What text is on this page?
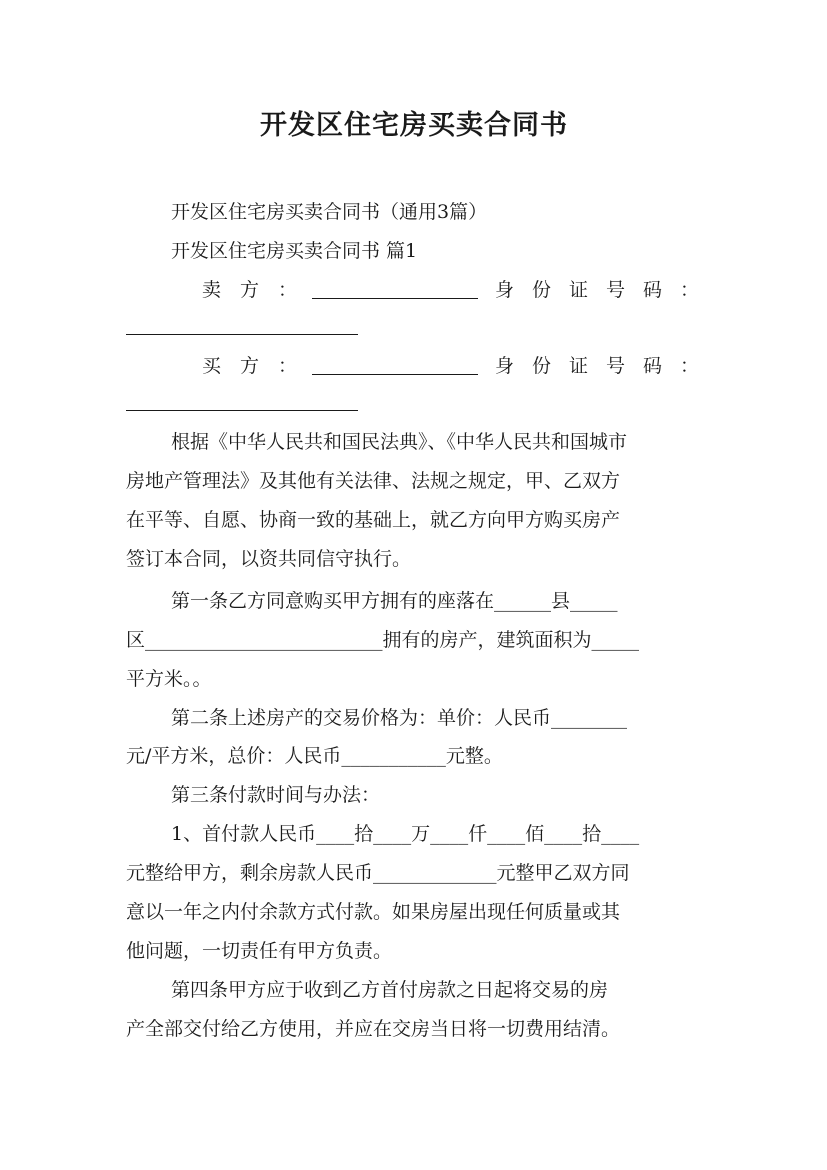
开发区住宅房买卖合同书
开发区住宅房买卖合同书（通用3篇）
开发区住宅房买卖合同书 篇1
卖方：	身份证号码：
买方：	身份证号码：
根据《中华人民共和国民法典》、《中华人民共和国城市
房地产管理法》及其他有关法律、法规之规定，甲、乙双方
在平等、自愿、协商一致的基础上，就乙方向甲方购买房产
签订本合同，以资共同信守执行。
第一条乙方同意购买甲方拥有的座落在______县_____
区_________________________拥有的房产，建筑面积为_____
平方米。。
第二条上述房产的交易价格为：单价：人民币________
元/平方米，总价：人民币___________元整。
第三条付款时间与办法：
1、首付款人民币____拾____万____仟____佰____拾____
元整给甲方，剩余房款人民币_____________元整甲乙双方同
意以一年之内付余款方式付款。如果房屋出现任何质量或其
他问题，一切责任有甲方负责。
第四条甲方应于收到乙方首付房款之日起将交易的房
产全部交付给乙方使用，并应在交房当日将一切费用结清。
